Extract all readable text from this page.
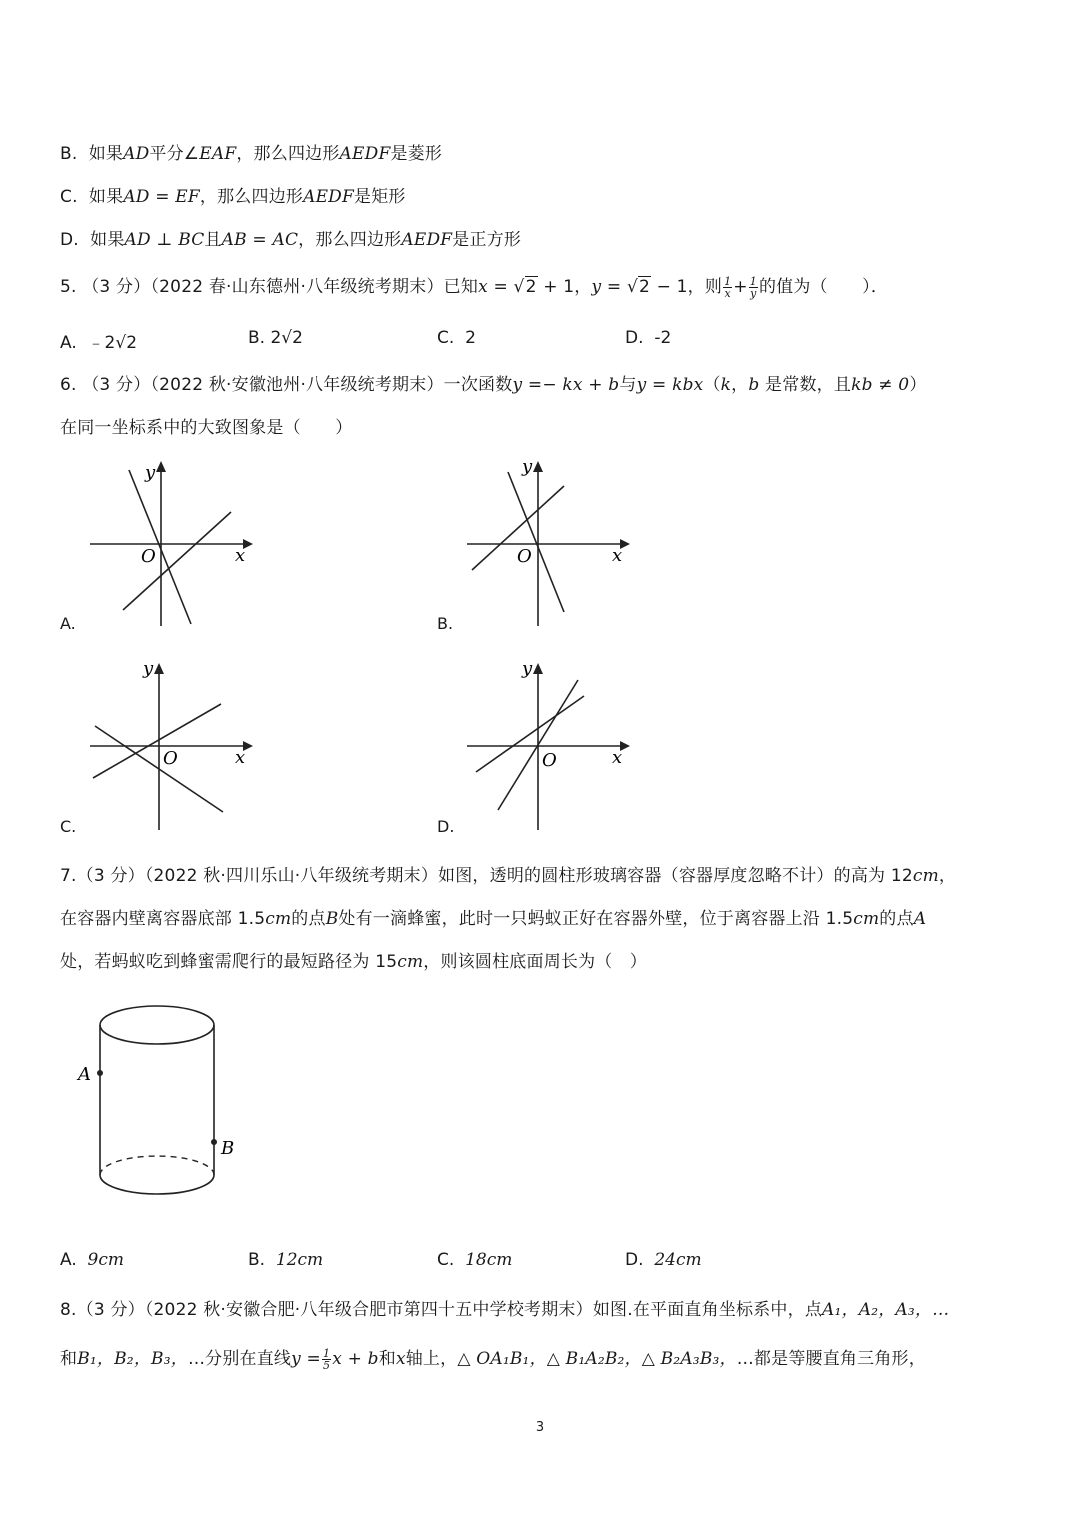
B. 如果AD平分∠EAF，那么四边形AEDF是菱形
C. 如果AD = EF，那么四边形AEDF是矩形
D. 如果AD ⊥ BC且AB = AC，那么四边形AEDF是正方形
5. （3 分）（2022 春·山东德州·八年级统考期末）已知x = √2 + 1，y = √2 − 1，则 $\frac{1}{x} + \frac{1}{y}$ 的值为（　　）．
A. ﹣2√2	B. 2√2	C. 2	D. -2
6. （3 分）（2022 秋·安徽池州·八年级统考期末）一次函数y =− kx + b与y = kbx（k，b 是常数，且kb ≠ 0）
在同一坐标系中的大致图象是（　　）
y
O	x
A.
y
O	x
B.
y
O	x
C.
y
O	x
D.
7.（3 分）（2022 秋·四川乐山·八年级统考期末）如图，透明的圆柱形玻璃容器（容器厚度忽略不计）的高为 12cm，
在容器内壁离容器底部 1.5cm的点B处有一滴蜂蜜，此时一只蚂蚁正好在容器外壁，位于离容器上沿 1.5cm的点A
处，若蚂蚁吃到蜂蜜需爬行的最短路径为 15cm，则该圆柱底面周长为（　）
A
B
A. 9cm	B. 12cm	C. 18cm	D. 24cm
8.（3 分）（2022 秋·安徽合肥·八年级合肥市第四十五中学校考期末）如图.在平面直角坐标系中，点A₁，A₂，A₃，…
和B₁，B₂，B₃，…分别在直线$y = \frac{1}{5}$ x + b和x轴上，△ OA₁B₁，△ B₁A₂B₂，△ B₂A₃B₃，…都是等腰直角三角形，
3
